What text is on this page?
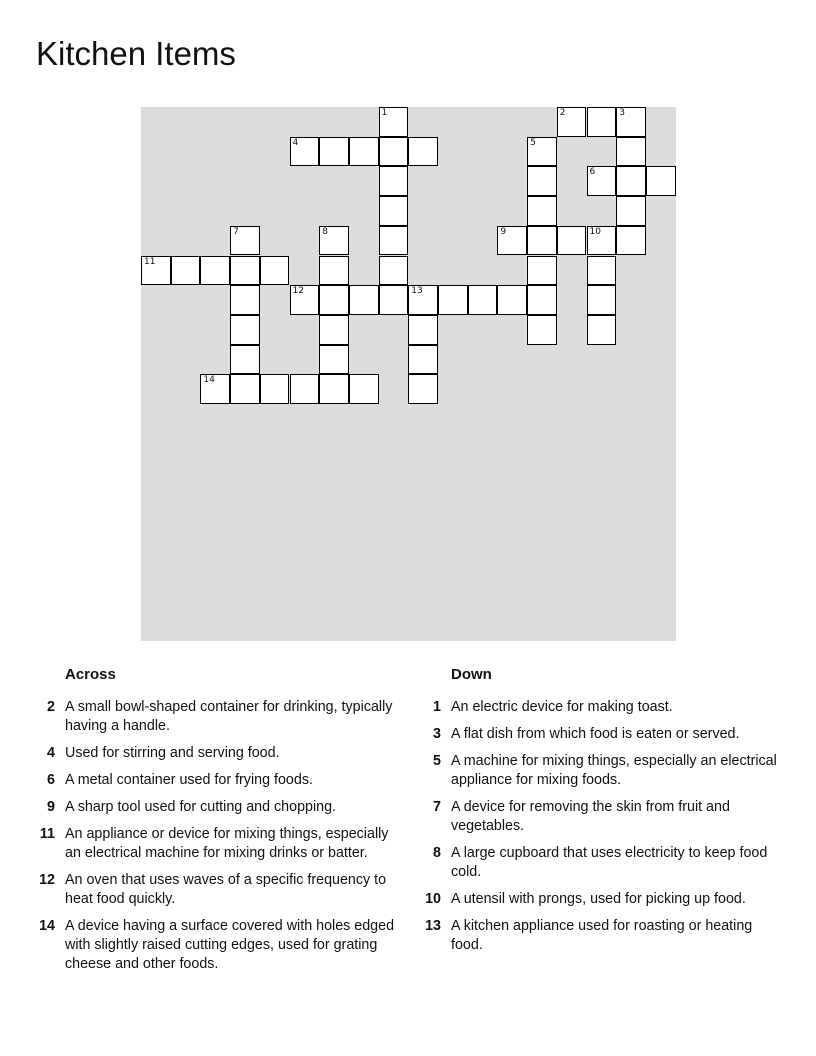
Kitchen Items
1	2	3
4	5
6
7	8	9	10
11
12	13
14
Across
2 A small bowl-shaped container for drinking, typically having a handle.
4 Used for stirring and serving food.
6 A metal container used for frying foods.
9 A sharp tool used for cutting and chopping.
11 An appliance or device for mixing things, especially an electrical machine for mixing drinks or batter.
12 An oven that uses waves of a specific frequency to heat food quickly.
14 A device having a surface covered with holes edged with slightly raised cutting edges, used for grating cheese and other foods.
Down
1 An electric device for making toast.
3 A flat dish from which food is eaten or served.
5 A machine for mixing things, especially an electrical appliance for mixing foods.
7 A device for removing the skin from fruit and vegetables.
8 A large cupboard that uses electricity to keep food cold.
10 A utensil with prongs, used for picking up food.
13 A kitchen appliance used for roasting or heating food.
